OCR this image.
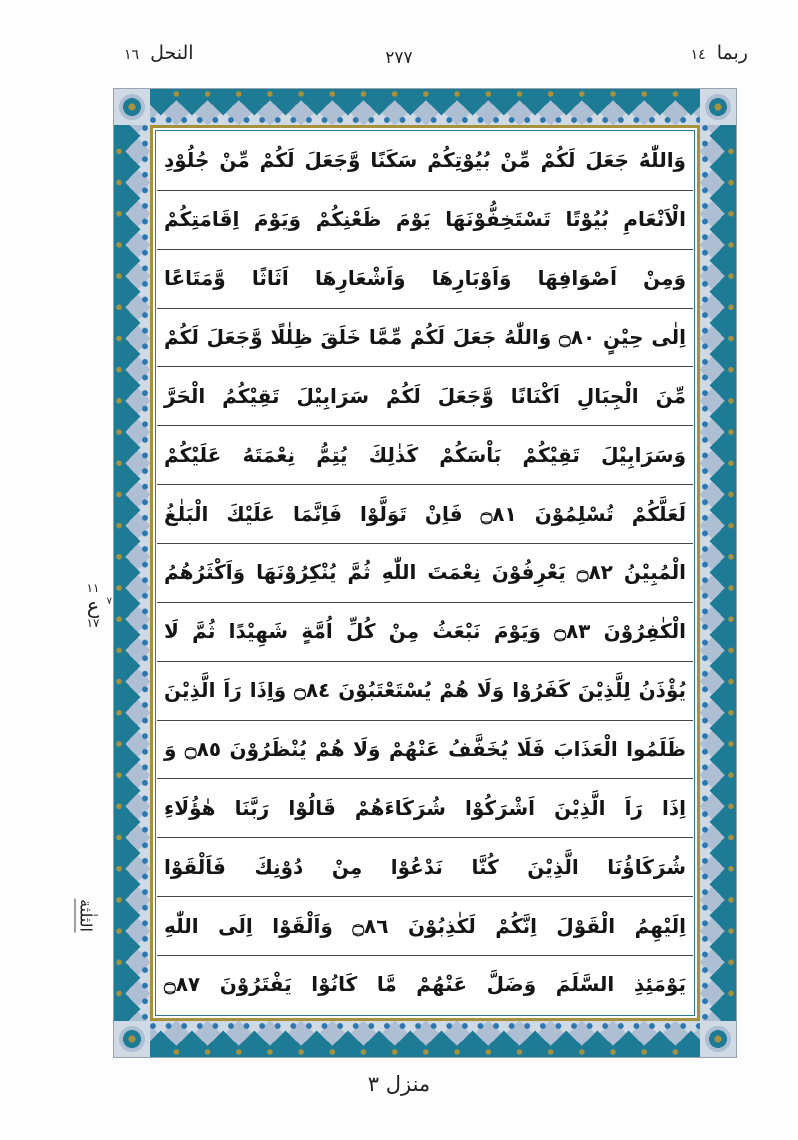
ربما ١٤
٢٧٧
النحل ١٦
١١
ع ٧
١٧
الثلٰثة
وَاللّٰهُ جَعَلَ لَكُمْ مِّنْ بُيُوْتِكُمْ سَكَنًا وَّجَعَلَ لَكُمْ مِّنْ جُلُوْدِ
الْاَنْعَامِ بُيُوْتًا تَسْتَخِفُّوْنَهَا يَوْمَ ظَعْنِكُمْ وَيَوْمَ اِقَامَتِكُمْ
وَمِنْ اَصْوَافِهَا وَاَوْبَارِهَا وَاَشْعَارِهَا اَثَاثًا وَّمَتَاعًا
اِلٰى حِيْنٍ ۝٨٠ وَاللّٰهُ جَعَلَ لَكُمْ مِّمَّا خَلَقَ ظِلٰلًا وَّجَعَلَ لَكُمْ
مِّنَ الْجِبَالِ اَكْنَانًا وَّجَعَلَ لَكُمْ سَرَابِيْلَ تَقِيْكُمُ الْحَرَّ
وَسَرَابِيْلَ تَقِيْكُمْ بَاْسَكُمْ كَذٰلِكَ يُتِمُّ نِعْمَتَهُ عَلَيْكُمْ
لَعَلَّكُمْ تُسْلِمُوْنَ ۝٨١ فَاِنْ تَوَلَّوْا فَاِنَّمَا عَلَيْكَ الْبَلٰغُ
الْمُبِيْنُ ۝٨٢ يَعْرِفُوْنَ نِعْمَتَ اللّٰهِ ثُمَّ يُنْكِرُوْنَهَا وَاَكْثَرُهُمُ
الْكٰفِرُوْنَ ۝٨٣ وَيَوْمَ نَبْعَثُ مِنْ كُلِّ اُمَّةٍ شَهِيْدًا ثُمَّ لَا
يُؤْذَنُ لِلَّذِيْنَ كَفَرُوْا وَلَا هُمْ يُسْتَعْتَبُوْنَ ۝٨٤ وَاِذَا رَاَ الَّذِيْنَ
ظَلَمُوا الْعَذَابَ فَلَا يُخَفَّفُ عَنْهُمْ وَلَا هُمْ يُنْظَرُوْنَ ۝٨٥ وَ
اِذَا رَاَ الَّذِيْنَ اَشْرَكُوْا شُرَكَاءَهُمْ قَالُوْا رَبَّنَا هٰؤُلَاءِ
شُرَكَاؤُنَا الَّذِيْنَ كُنَّا نَدْعُوْا مِنْ دُوْنِكَ فَاَلْقَوْا
اِلَيْهِمُ الْقَوْلَ اِنَّكُمْ لَكٰذِبُوْنَ ۝٨٦ وَاَلْقَوْا اِلَى اللّٰهِ
يَوْمَئِذِ السَّلَمَ وَضَلَّ عَنْهُمْ مَّا كَانُوْا يَفْتَرُوْنَ ۝٨٧
منزل ٣
